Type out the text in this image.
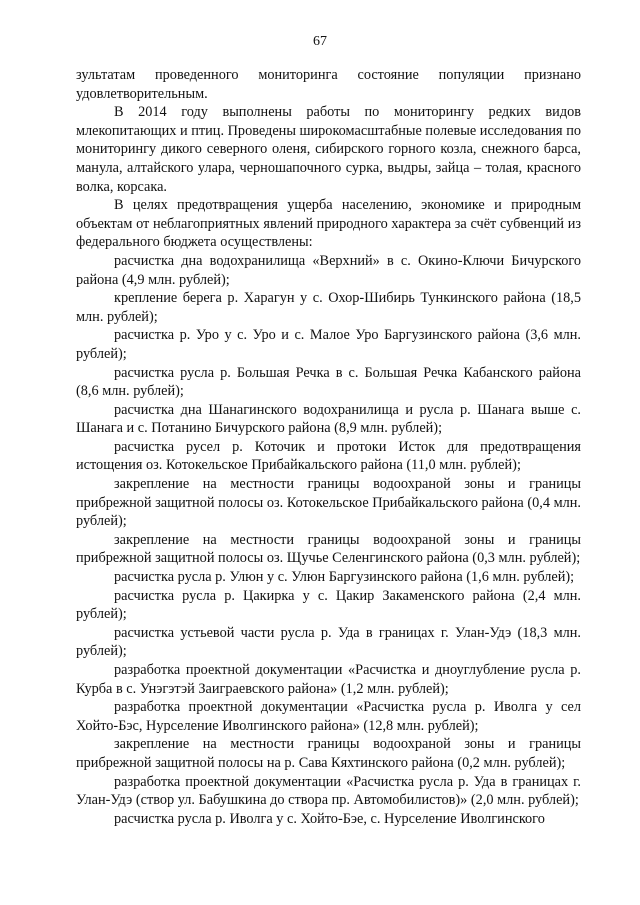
67

зультатам проведенного мониторинга состояние популяции признано удовлетворительным.

В 2014 году выполнены работы по мониторингу редких видов млекопитающих и птиц. Проведены широкомасштабные полевые исследования по мониторингу дикого северного оленя, сибирского горного козла, снежного барса, манула, алтайского улара, черношапочного сурка, выдры, зайца – толая, красного волка, корсака.

В целях предотвращения ущерба населению, экономике и природным объектам от неблагоприятных явлений природного характера за счёт субвенций из федерального бюджета осуществлены:

расчистка дна водохранилища «Верхний» в с. Окино-Ключи Бичурского района (4,9 млн. рублей);

крепление берега р. Харагун у с. Охор-Шибирь Тункинского района (18,5 млн. рублей);

расчистка р. Уро у с. Уро и с. Малое Уро Баргузинского района (3,6 млн. рублей);

расчистка русла р. Большая Речка в с. Большая Речка Кабанского района (8,6 млн. рублей);

расчистка дна Шанагинского водохранилища и русла р. Шанага выше с. Шанага и с. Потанино Бичурского района (8,9 млн. рублей);

расчистка русел р. Коточик и протоки Исток для предотвращения истощения оз. Котокельское Прибайкальского района (11,0 млн. рублей);

закрепление на местности границы водоохраной зоны и границы прибрежной защитной полосы оз. Котокельское Прибайкальского района (0,4 млн. рублей);

закрепление на местности границы водоохраной зоны и границы прибрежной защитной полосы оз. Щучье Селенгинского района (0,3 млн. рублей);

расчистка русла р. Улюн у с. Улюн Баргузинского района (1,6 млн. рублей);

расчистка русла р. Цакирка у с. Цакир Закаменского района (2,4 млн. рублей);

расчистка устьевой части русла р. Уда в границах г. Улан-Удэ (18,3 млн. рублей);

разработка проектной документации «Расчистка и дноуглубление русла р. Курба в с. Унэгэтэй Заиграевского района» (1,2 млн. рублей);

разработка проектной документации «Расчистка русла р. Иволга у сел Хойто-Бэс, Нурселение Иволгинского района» (12,8 млн. рублей);

закрепление на местности границы водоохраной зоны и границы прибрежной защитной полосы на р. Сава Кяхтинского района (0,2 млн. рублей);

разработка проектной документации «Расчистка русла р. Уда в границах г. Улан-Удэ (створ ул. Бабушкина до створа пр. Автомобилистов)» (2,0 млн. рублей);

расчистка русла р. Иволга у с. Хойто-Бэе, с. Нурселение Иволгинского
